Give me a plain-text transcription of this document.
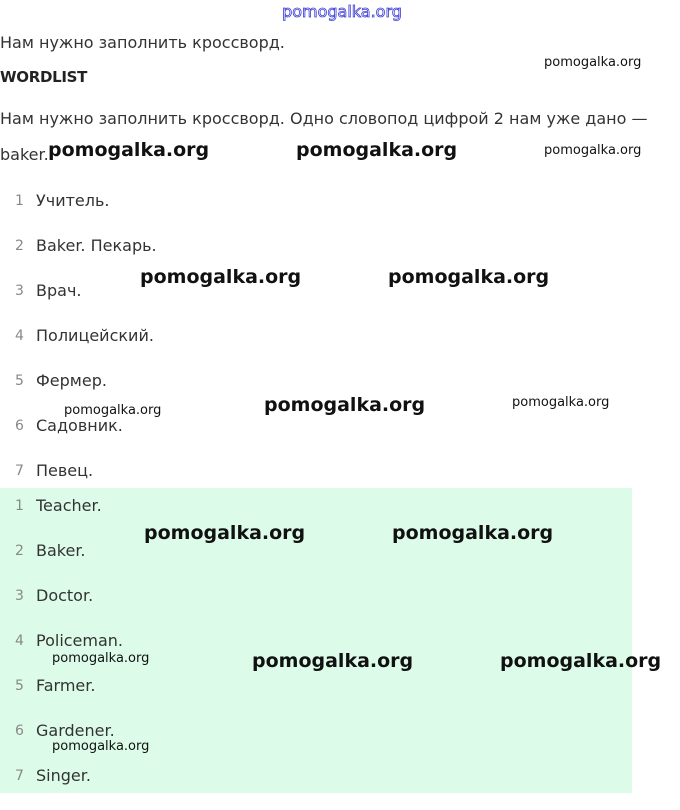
pomogalka.org
Нам нужно заполнить кроссворд.
WORDLIST
Нам нужно заполнить кроссворд. Одно словопод цифрой 2 нам уже дано — baker.
1 Учитель.
2 Baker. Пекарь.
3 Врач.
4 Полицейский.
5 Фермер.
6 Садовник.
7 Певец.
1 Teacher.
2 Baker.
3 Doctor.
4 Policeman.
5 Farmer.
6 Gardener.
7 Singer.
pomogalka.org
pomogalka.org	pomogalka.org	pomogalka.org
pomogalka.org	pomogalka.org
pomogalka.org	pomogalka.org	pomogalka.org
pomogalka.org	pomogalka.org
pomogalka.org	pomogalka.org	pomogalka.org
pomogalka.org
